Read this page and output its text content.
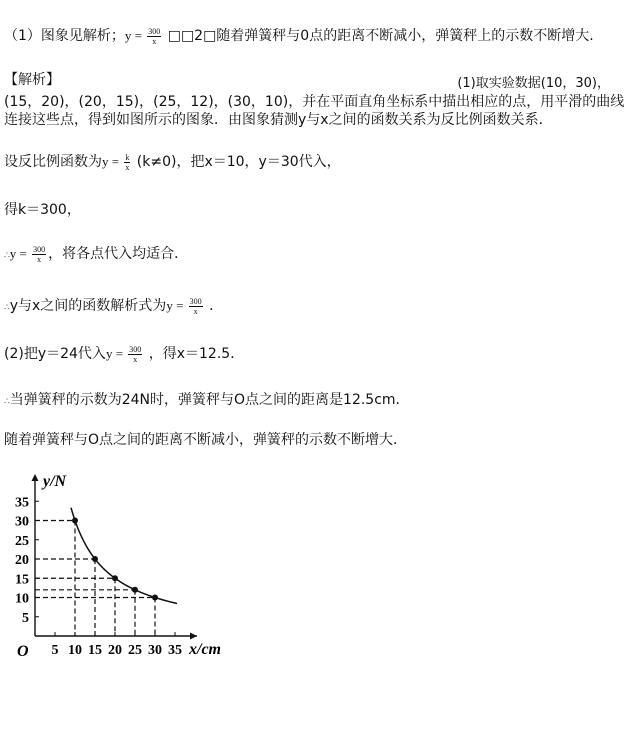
（1）图象见解析；$y = \frac{300}{x}$ □□2□随着弹簧秤与0点的距离不断减小，弹簧秤上的示数不断增大.
【解析】	(1)取实验数据(10，30)，
(15，20)，(20，15)，(25，12)，(30，10)，并在平面直角坐标系中描出相应的点，用平滑的曲线
连接这些点，得到如图所示的图象．由图象猜测y与x之间的函数关系为反比例函数关系．
设反比例函数为$y = \frac{k}{x} (k\ne 0)$，把x＝10，y＝30代入，
得k＝300，
∴y = $\frac{300}{x}$ ，将各点代入均适合．
∴y与x之间的函数解析式为$y = \frac{300}{x}$ ．
(2)把y＝24代入$y = \frac{300}{x}$ ，得x＝12.5．
∴当弹簧秤的示数为24N时，弹簧秤与O点之间的距离是12.5cm．
随着弹簧秤与O点之间的距离不断减小，弹簧秤的示数不断增大．
5 10 15 20 25 30 35
5
10
15
20
25
30
35
O
y/N
x/cm
